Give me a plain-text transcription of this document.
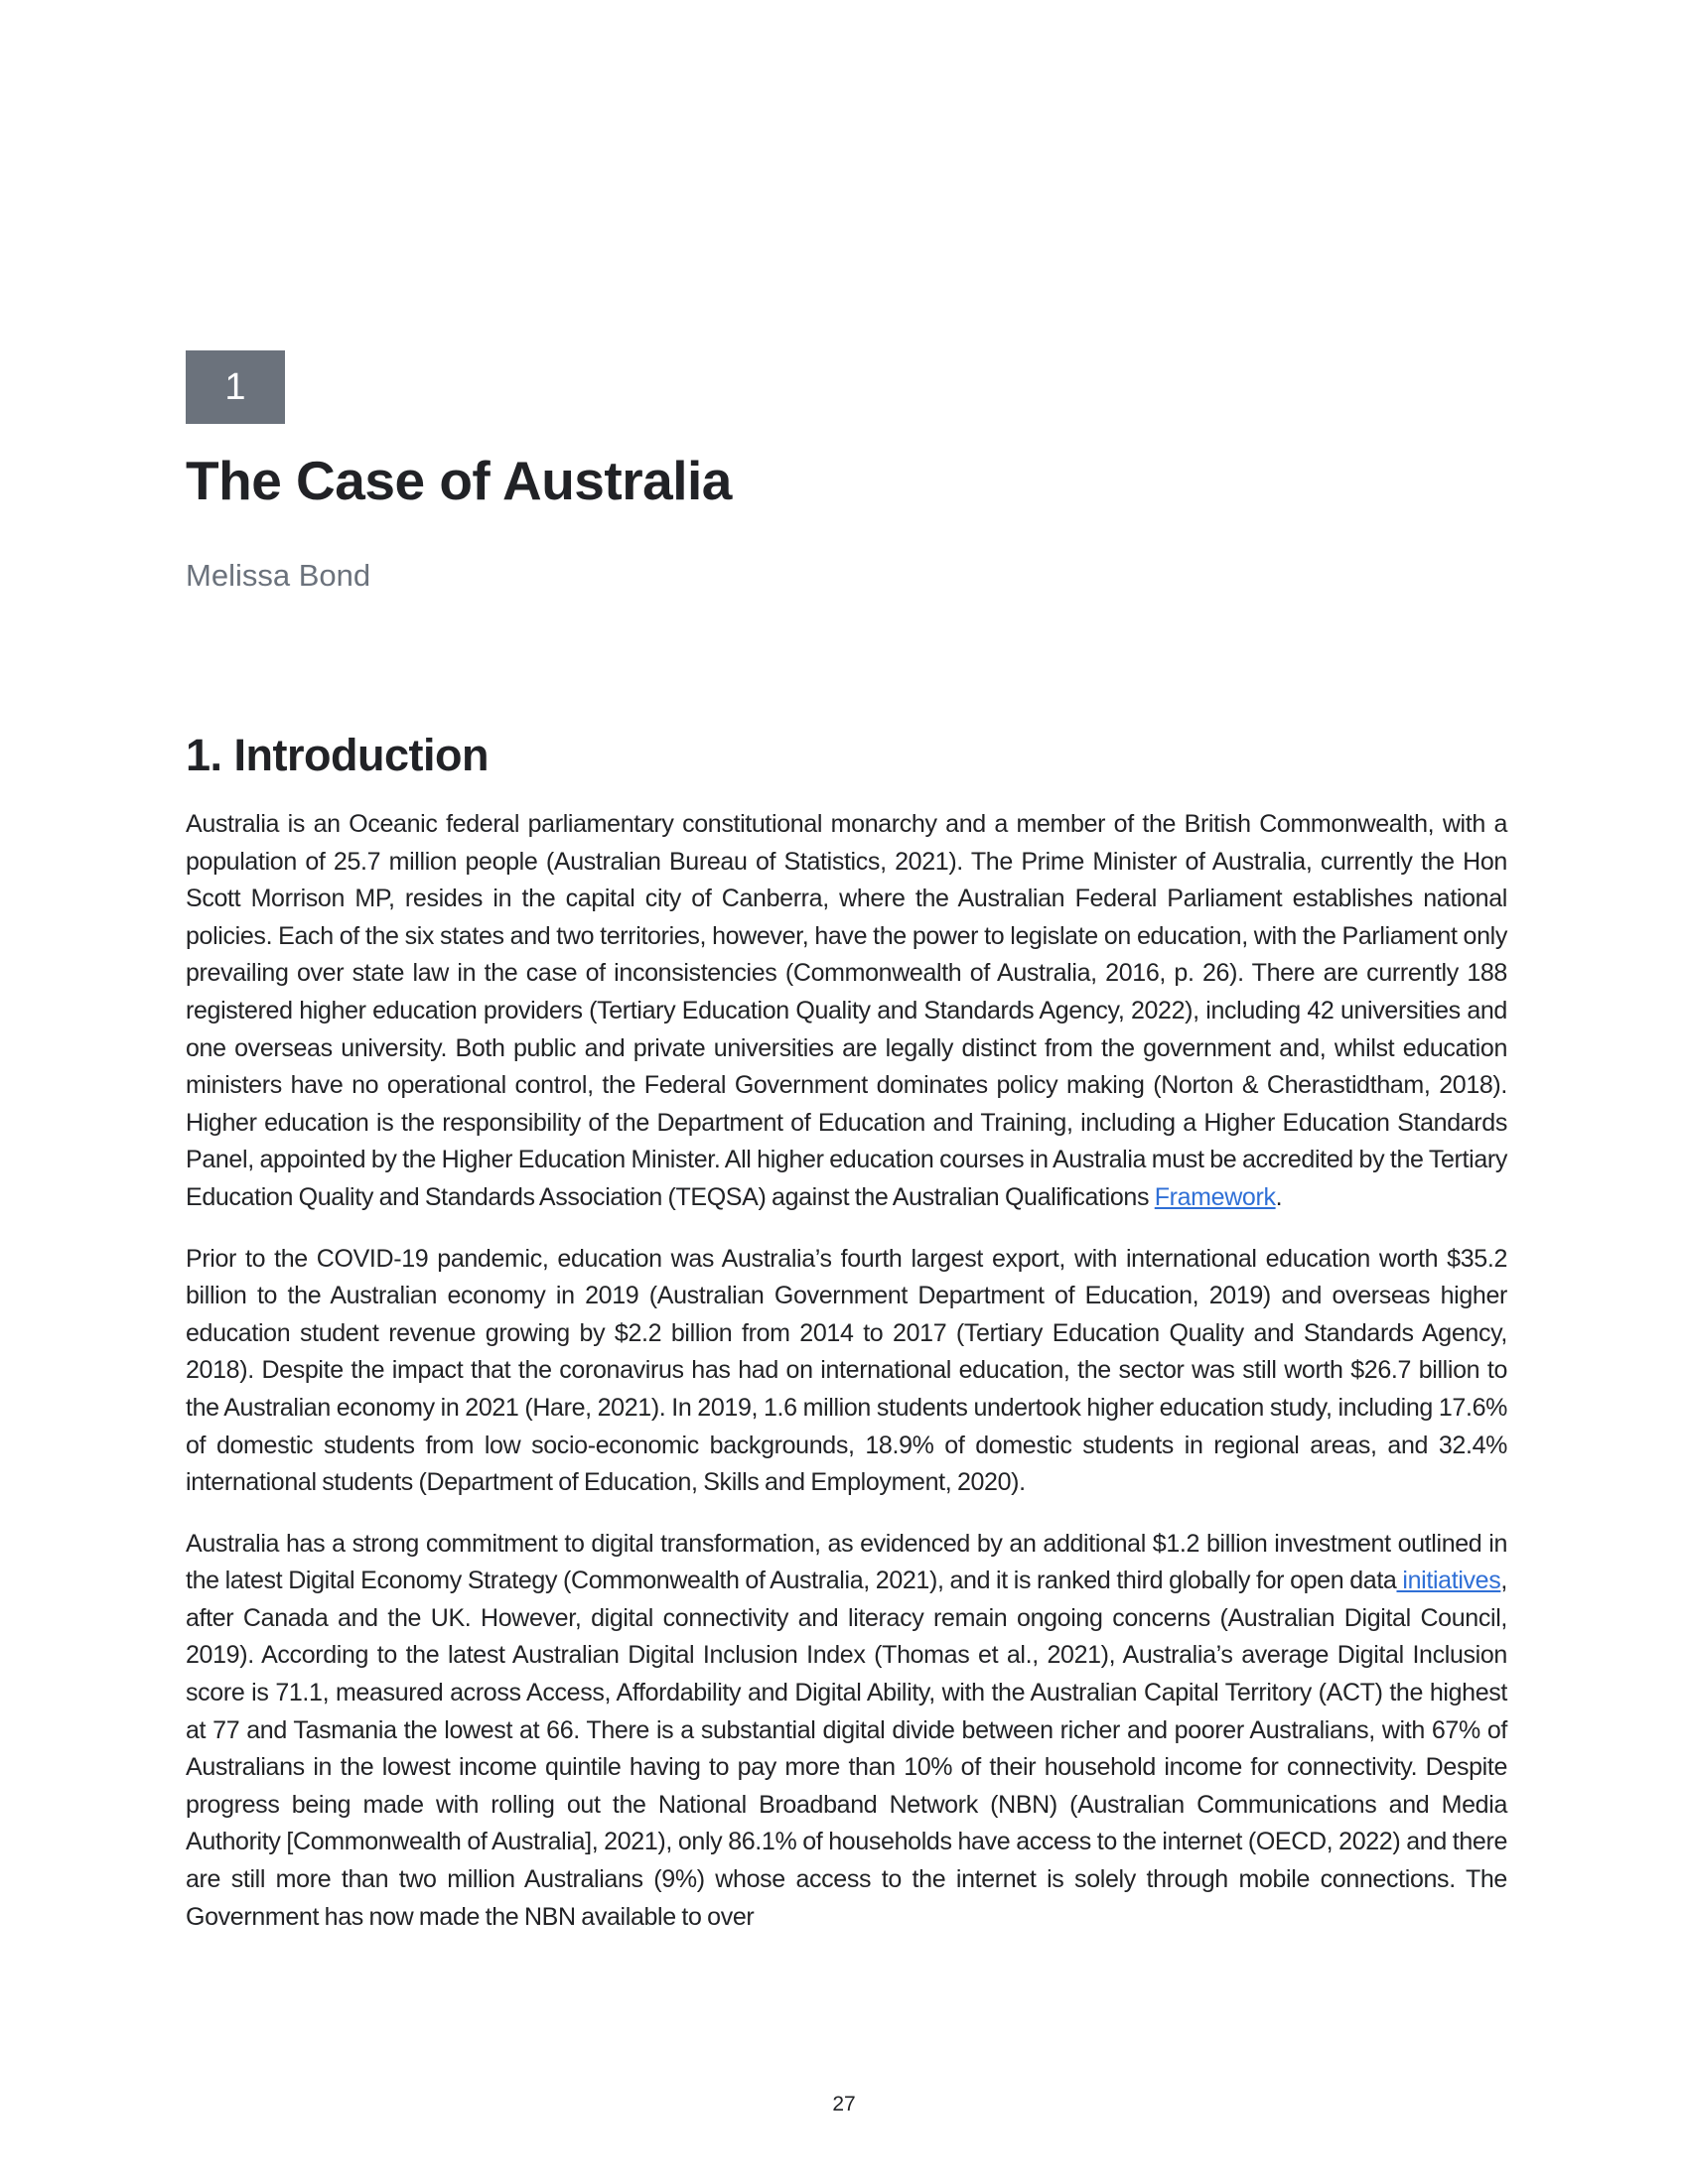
1
The Case of Australia

Melissa Bond

1. Introduction

Australia is an Oceanic federal parliamentary constitutional monarchy and a member of the British Commonwealth, with a population of 25.7 million people (Australian Bureau of Statistics, 2021). The Prime Minister of Australia, currently the Hon Scott Morrison MP, resides in the capital city of Canberra, where the Australian Federal Parliament establishes national policies. Each of the six states and two territories, however, have the power to legislate on education, with the Parliament only prevailing over state law in the case of inconsistencies (Commonwealth of Australia, 2016, p. 26). There are currently 188 registered higher education providers (Tertiary Education Quality and Standards Agency, 2022), including 42 universities and one overseas university. Both public and private universities are legally distinct from the government and, whilst education ministers have no operational control, the Federal Government dominates policy making (Norton & Cherastidtham, 2018). Higher education is the responsibility of the Department of Education and Training, including a Higher Education Standards Panel, appointed by the Higher Education Minister. All higher education courses in Australia must be accredited by the Tertiary Education Quality and Standards Association (TEQSA) against the Australian Qualifications Framework.

Prior to the COVID-19 pandemic, education was Australia’s fourth largest export, with international education worth $35.2 billion to the Australian economy in 2019 (Australian Government Department of Education, 2019) and overseas higher education student revenue growing by $2.2 billion from 2014 to 2017 (Tertiary Education Quality and Standards Agency, 2018). Despite the impact that the coronavirus has had on international education, the sector was still worth $26.7 billion to the Australian economy in 2021 (Hare, 2021). In 2019, 1.6 million students undertook higher education study, including 17.6% of domestic students from low socio-economic backgrounds, 18.9% of domestic students in regional areas, and 32.4% international students (Department of Education, Skills and Employment, 2020).

Australia has a strong commitment to digital transformation, as evidenced by an additional $1.2 billion investment outlined in the latest Digital Economy Strategy (Commonwealth of Australia, 2021), and it is ranked third globally for open data initiatives, after Canada and the UK. However, digital connectivity and literacy remain ongoing concerns (Australian Digital Council, 2019). According to the latest Australian Digital Inclusion Index (Thomas et al., 2021), Australia’s average Digital Inclusion score is 71.1, measured across Access, Affordability and Digital Ability, with the Australian Capital Territory (ACT) the highest at 77 and Tasmania the lowest at 66. There is a substantial digital divide between richer and poorer Australians, with 67% of Australians in the lowest income quintile having to pay more than 10% of their household income for connectivity. Despite progress being made with rolling out the National Broadband Network (NBN) (Australian Communications and Media Authority [Commonwealth of Australia], 2021), only 86.1% of households have access to the internet (OECD, 2022) and there are still more than two million Australians (9%) whose access to the internet is solely through mobile connections. The Government has now made the NBN available to over

27
